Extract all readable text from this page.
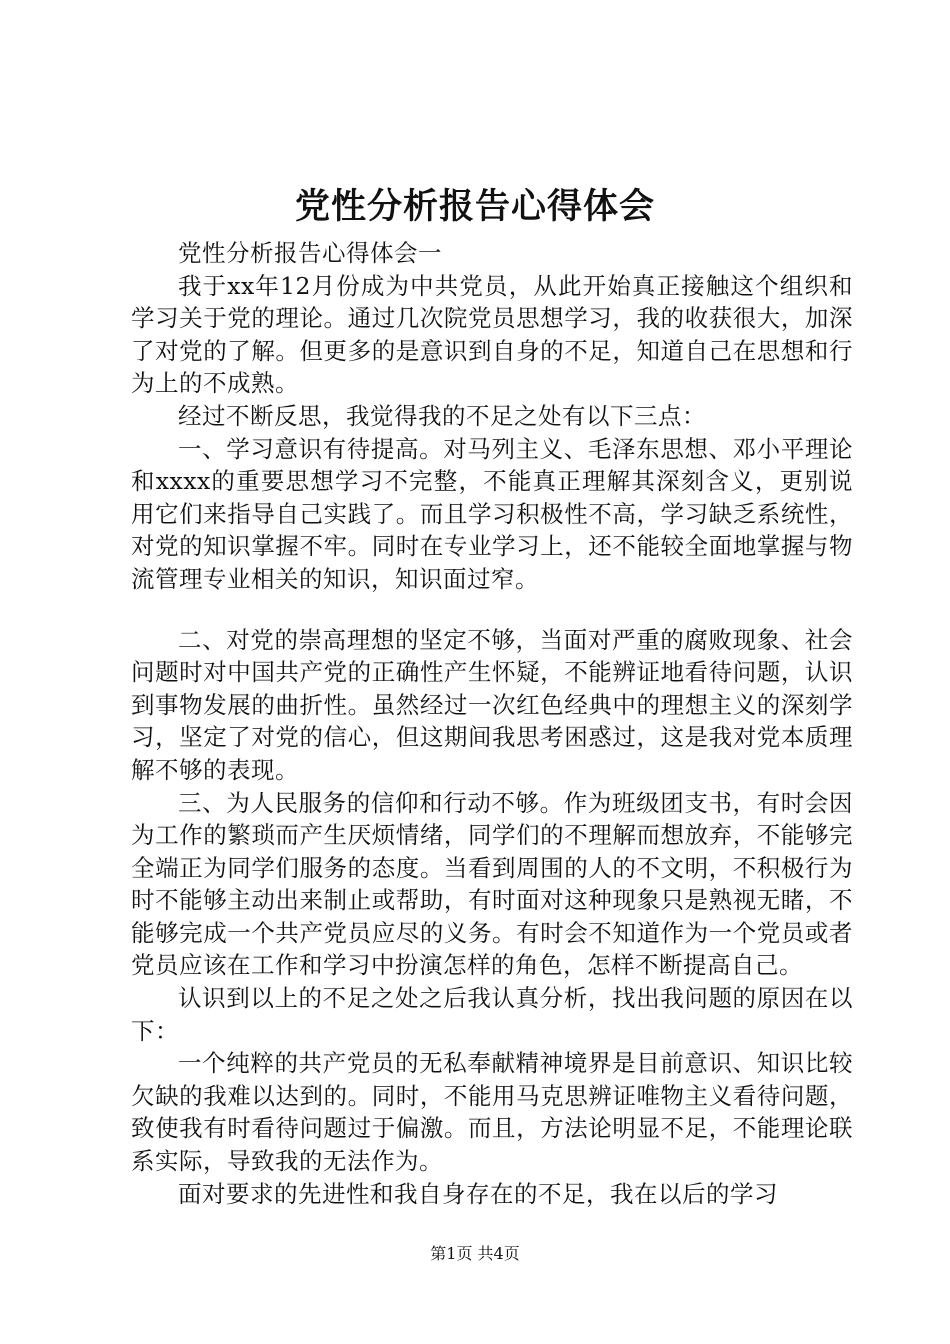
党性分析报告心得体会

党性分析报告心得体会一

我于xx年12月份成为中共党员，从此开始真正接触这个组织和学习关于党的理论。通过几次院党员思想学习，我的收获很大，加深了对党的了解。但更多的是意识到自身的不足，知道自己在思想和行为上的不成熟。

经过不断反思，我觉得我的不足之处有以下三点：

一、学习意识有待提高。对马列主义、毛泽东思想、邓小平理论和xxxx的重要思想学习不完整，不能真正理解其深刻含义，更别说用它们来指导自己实践了。而且学习积极性不高，学习缺乏系统性，对党的知识掌握不牢。同时在专业学习上，还不能较全面地掌握与物流管理专业相关的知识，知识面过窄。

二、对党的崇高理想的坚定不够，当面对严重的腐败现象、社会问题时对中国共产党的正确性产生怀疑，不能辨证地看待问题，认识到事物发展的曲折性。虽然经过一次红色经典中的理想主义的深刻学习，坚定了对党的信心，但这期间我思考困惑过，这是我对党本质理解不够的表现。

三、为人民服务的信仰和行动不够。作为班级团支书，有时会因为工作的繁琐而产生厌烦情绪，同学们的不理解而想放弃，不能够完全端正为同学们服务的态度。当看到周围的人的不文明，不积极行为时不能够主动出来制止或帮助，有时面对这种现象只是熟视无睹，不能够完成一个共产党员应尽的义务。有时会不知道作为一个党员或者党员应该在工作和学习中扮演怎样的角色，怎样不断提高自己。

认识到以上的不足之处之后我认真分析，找出我问题的原因在以下：

一个纯粹的共产党员的无私奉献精神境界是目前意识、知识比较欠缺的我难以达到的。同时，不能用马克思辨证唯物主义看待问题，致使我有时看待问题过于偏激。而且，方法论明显不足，不能理论联系实际，导致我的无法作为。

面对要求的先进性和我自身存在的不足，我在以后的学习

第1页 共4页
